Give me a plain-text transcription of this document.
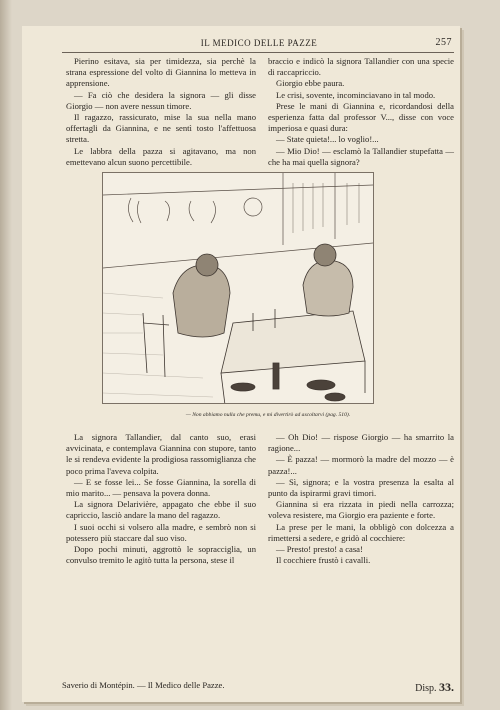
IL MEDICO DELLE PAZZE	257

Pierino esitava, sia per timidezza, sia perchè la strana espressione del volto di Giannina lo metteva in apprensione.

— Fa ciò che desidera la signora — gli disse Giorgio — non avere nessun timore.

Il ragazzo, rassicurato, mise la sua nella mano offertagli da Giannina, e ne sentì tosto l'affettuosa stretta.

Le labbra della pazza si agitavano, ma non emettevano alcun suono percettibile.

braccio e indicò la signora Tallandier con una specie di raccapriccio.

Giorgio ebbe paura.

Le crisi, sovente, incominciavano in tal modo.

Prese le mani di Giannina e, ricordandosi della esperienza fatta dal professor V..., disse con voce imperiosa e quasi dura:

— State quieta!... lo voglio!...

— Mio Dio! — esclamò la Tallandier stupefatta — che ha mai quella signora?

— Non abbiamo nulla che premu, e mi divertirò ad ascoltarvi (pag. 510).

La signora Tallandier, dal canto suo, erasi avvicinata, e contemplava Giannina con stupore, tanto le si rendeva evidente la prodigiosa rassomiglianza che poco prima l'aveva colpita.

— E se fosse lei... Se fosse Giannina, la sorella di mio marito... — pensava la povera donna.

La signora Delarivière, appagato che ebbe il suo capriccio, lasciò andare la mano del ragazzo.

I suoi occhi si volsero alla madre, e sembrò non si potessero più staccare dal suo viso.

Dopo pochi minuti, aggrottò le sopracciglia, un convulso tremito le agitò tutta la persona, stese il

— Oh Dio! — rispose Giorgio — ha smarrito la ragione...

— È pazza! — mormorò la madre del mozzo — è pazza!...

— Sì, signora; e la vostra presenza la esalta al punto da ispirarmi gravi timori.

Giannina si era rizzata in piedi nella carrozza; voleva resistere, ma Giorgio era paziente e forte.

La prese per le mani, la obbligò con dolcezza a rimettersi a sedere, e gridò al cocchiere:

— Presto! presto! a casa!

Il cocchiere frustò i cavalli.

Saverio di Montépin. — Il Medico delle Pazze.	Disp. 33.
